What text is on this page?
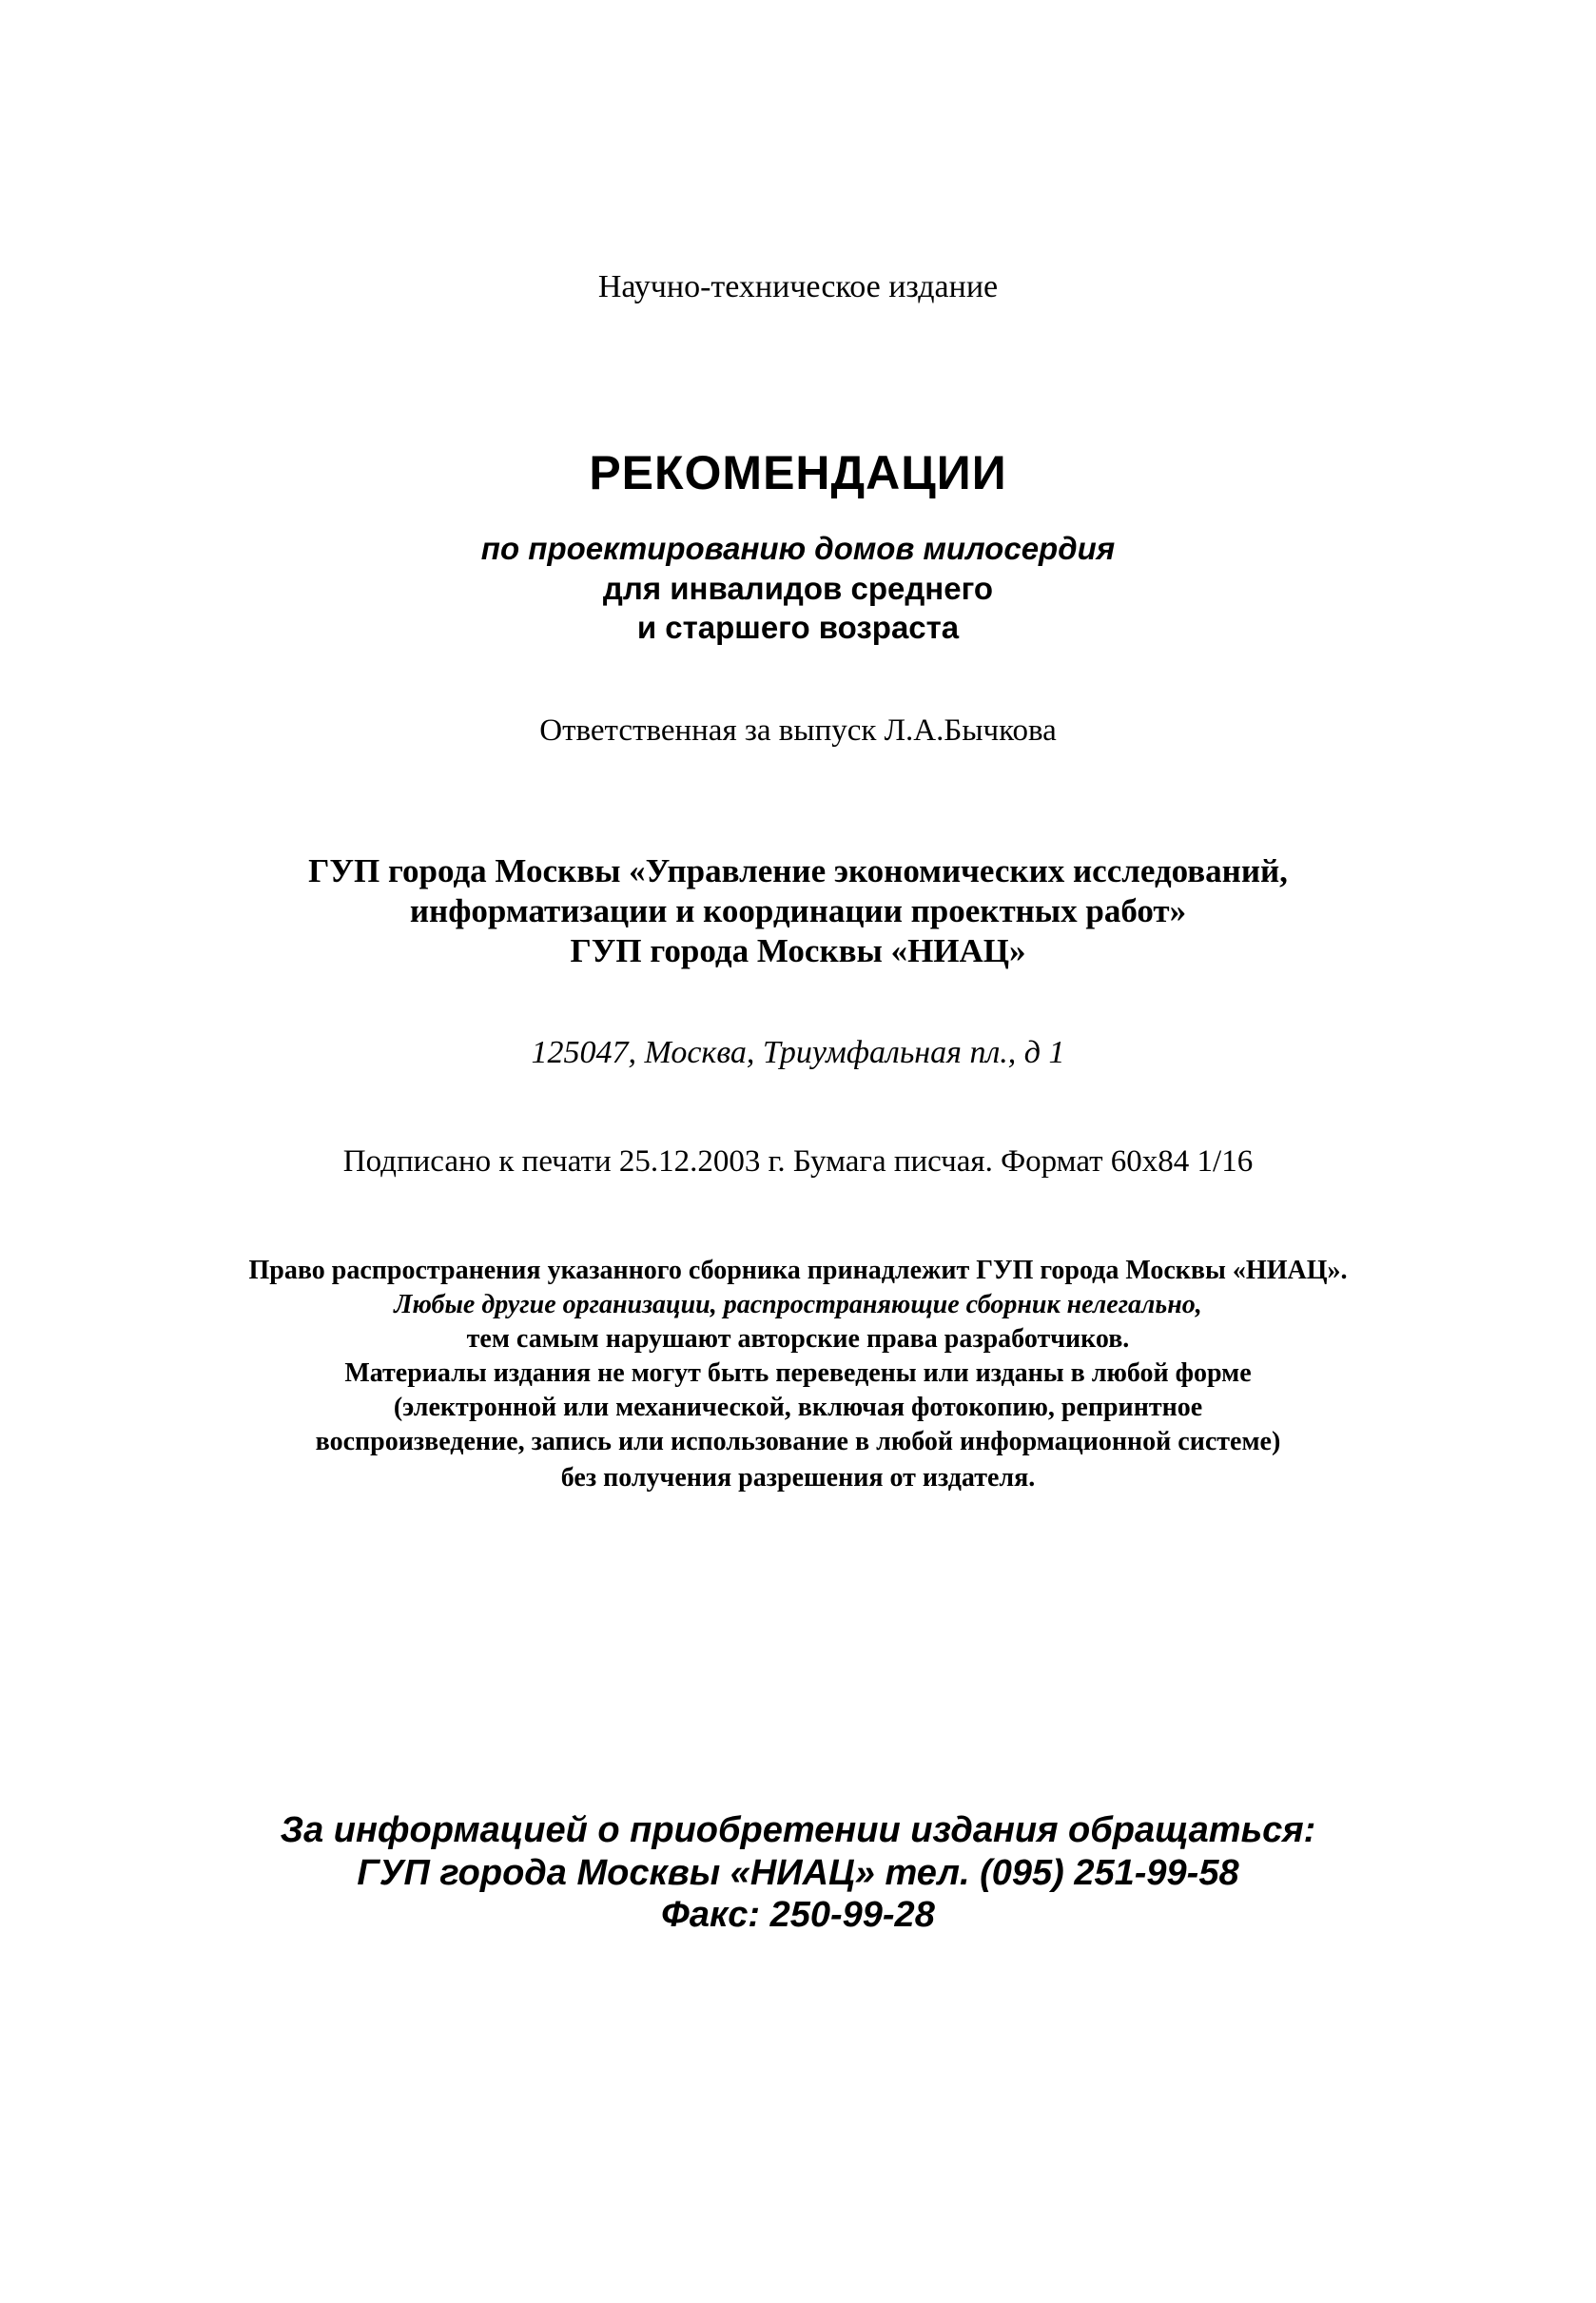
Научно-техническое издание
РЕКОМЕНДАЦИИ
по проектированию домов милосердия
для инвалидов среднего
и старшего возраста
Ответственная за выпуск Л.А.Бычкова
ГУП города Москвы «Управление экономических исследований,
информатизации и координации проектных работ»
ГУП города Москвы «НИАЦ»
125047, Москва, Триумфальная пл., д 1
Подписано к печати 25.12.2003 г. Бумага писчая. Формат 60х84 1/16
Право распространения указанного сборника принадлежит ГУП города Москвы «НИАЦ».
Любые другие организации, распространяющие сборник нелегально,
тем самым нарушают авторские права разработчиков.
Материалы издания не могут быть переведены или изданы в любой форме
(электронной или механической, включая фотокопию, репринтное
воспроизведение, запись или использование в любой информационной системе)
без получения разрешения от издателя.
За информацией о приобретении издания обращаться:
ГУП города Москвы «НИАЦ» тел. (095) 251-99-58
Факс: 250-99-28
